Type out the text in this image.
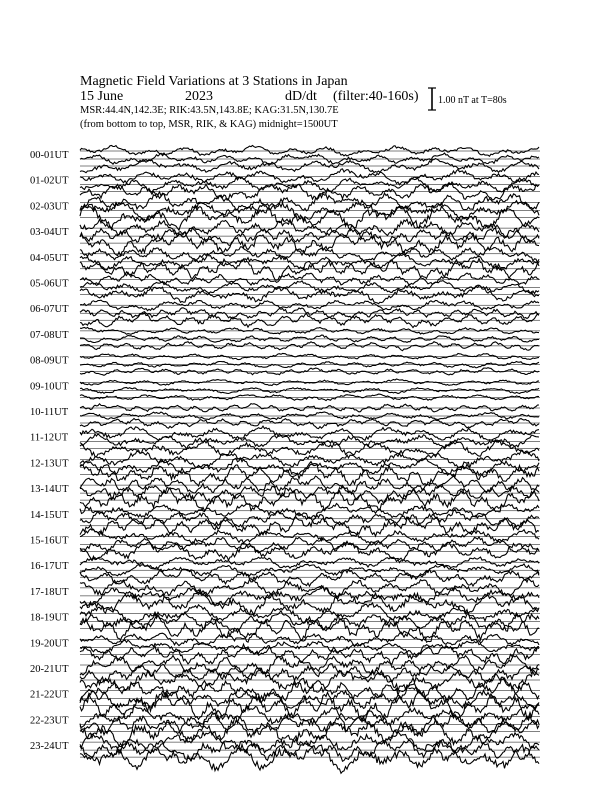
Magnetic Field Variations at 3 Stations in Japan
15 June	2023	dD/dt (filter:40-160s)
MSR:44.4N,142.3E; RIK:43.5N,143.8E; KAG:31.5N,130.7E
(from bottom to top, MSR, RIK, & KAG) midnight=1500UT
1.00 nT at T=80s
00-01UT
01-02UT
02-03UT
03-04UT
04-05UT
05-06UT
06-07UT
07-08UT
08-09UT
09-10UT
10-11UT
11-12UT
12-13UT
13-14UT
14-15UT
15-16UT
16-17UT
17-18UT
18-19UT
19-20UT
20-21UT
21-22UT
22-23UT
23-24UT
